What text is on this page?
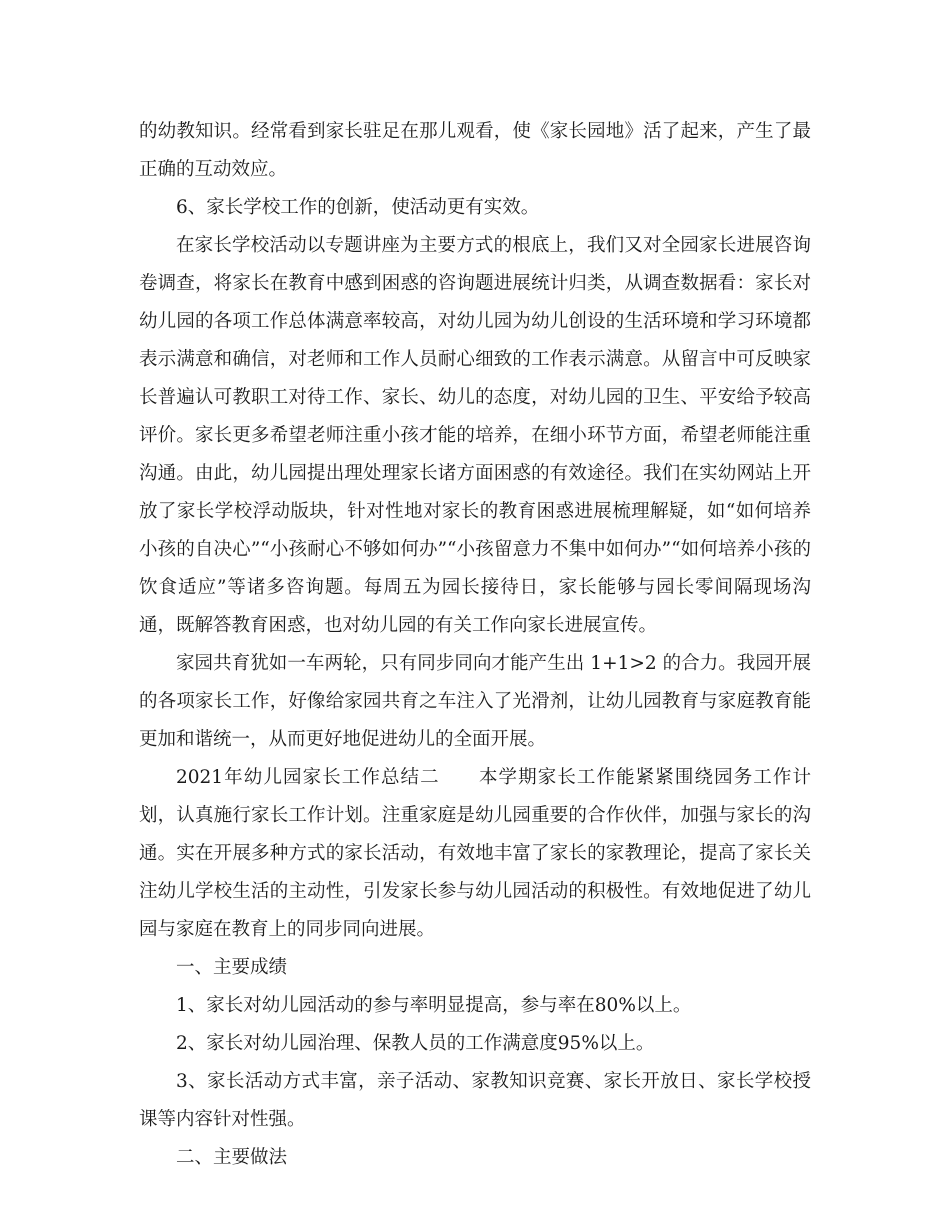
的幼教知识。经常看到家长驻足在那儿观看，使《家长园地》活了起来，产生了最正确的互动效应。

6、家长学校工作的创新，使活动更有实效。

在家长学校活动以专题讲座为主要方式的根底上，我们又对全园家长进展咨询卷调查，将家长在教育中感到困惑的咨询题进展统计归类，从调查数据看：家长对幼儿园的各项工作总体满意率较高，对幼儿园为幼儿创设的生活环境和学习环境都表示满意和确信，对老师和工作人员耐心细致的工作表示满意。从留言中可反映家长普遍认可教职工对待工作、家长、幼儿的态度，对幼儿园的卫生、平安给予较高评价。家长更多希望老师注重小孩才能的培养，在细小环节方面，希望老师能注重沟通。由此，幼儿园提出理处理家长诸方面困惑的有效途径。我们在实幼网站上开放了家长学校浮动版块，针对性地对家长的教育困惑进展梳理解疑，如“如何培养小孩的自决心”“小孩耐心不够如何办”“小孩留意力不集中如何办”“如何培养小孩的饮食适应”等诸多咨询题。每周五为园长接待日，家长能够与园长零间隔现场沟通，既解答教育困惑，也对幼儿园的有关工作向家长进展宣传。

家园共育犹如一车两轮，只有同步同向才能产生出 1+1>2 的合力。我园开展的各项家长工作，好像给家园共育之车注入了光滑剂，让幼儿园教育与家庭教育能更加和谐统一，从而更好地促进幼儿的全面开展。

2021年幼儿园家长工作总结二　　本学期家长工作能紧紧围绕园务工作计划，认真施行家长工作计划。注重家庭是幼儿园重要的合作伙伴，加强与家长的沟通。实在开展多种方式的家长活动，有效地丰富了家长的家教理论，提高了家长关注幼儿学校生活的主动性，引发家长参与幼儿园活动的积极性。有效地促进了幼儿园与家庭在教育上的同步同向进展。

一、主要成绩

1、家长对幼儿园活动的参与率明显提高，参与率在80%以上。

2、家长对幼儿园治理、保教人员的工作满意度95%以上。

3、家长活动方式丰富，亲子活动、家教知识竞赛、家长开放日、家长学校授课等内容针对性强。

二、主要做法
